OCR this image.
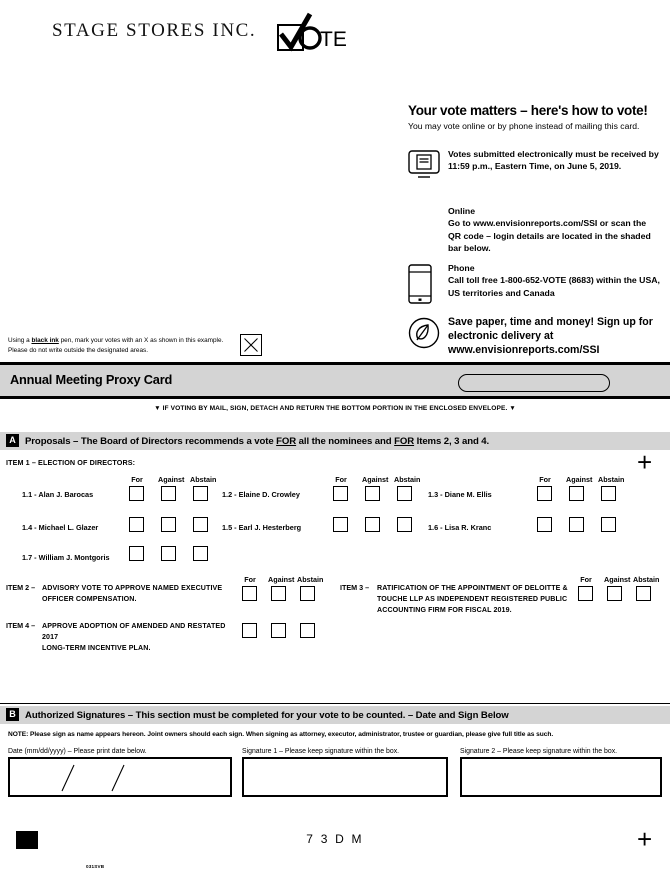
STAGE STORES INC.	TE
Your vote matters – here's how to vote!
You may vote online or by phone instead of mailing this card.
Votes submitted electronically must be received by 11:59 p.m., Eastern Time, on June 5, 2019.
Online
Go to www.envisionreports.com/SSI or scan the QR code – login details are located in the shaded bar below.
Phone
Call toll free 1-800-652-VOTE (8683) within the USA, US territories and Canada
Save paper, time and money! Sign up for electronic delivery at www.envisionreports.com/SSI
Using a black ink pen, mark your votes with an X as shown in this example.
Please do not write outside the designated areas.
Annual Meeting Proxy Card
▼ IF VOTING BY MAIL, SIGN, DETACH AND RETURN THE BOTTOM PORTION IN THE ENCLOSED ENVELOPE. ▼
A Proposals – The Board of Directors recommends a vote FOR all the nominees and FOR Items 2, 3 and 4.
ITEM 1 – ELECTION OF DIRECTORS:
For	Against Abstain	For	Against Abstain	For	Against Abstain
1.1 - Alan J. Barocas	1.2 - Elaine D. Crowley	1.3 - Diane M. Ellis
1.4 - Michael L. Glazer	1.5 - Earl J. Hesterberg	1.6 - Lisa R. Kranc
1.7 - William J. Montgoris
ITEM 2 – ADVISORY VOTE TO APPROVE NAMED EXECUTIVE
OFFICER COMPENSATION.
For	Against Abstain
ITEM 3 – RATIFICATION OF THE APPOINTMENT OF DELOITTE &
TOUCHE LLP AS INDEPENDENT REGISTERED PUBLIC
ACCOUNTING FIRM FOR FISCAL 2019.
For	Against Abstain
ITEM 4 – APPROVE ADOPTION OF AMENDED AND RESTATED 2017
LONG-TERM INCENTIVE PLAN.
B Authorized Signatures – This section must be completed for your vote to be counted. – Date and Sign Below
NOTE: Please sign as name appears hereon. Joint owners should each sign. When signing as attorney, executor, administrator, trustee or guardian, please give full title as such.
Date (mm/dd/yyyy) – Please print date below.	Signature 1 – Please keep signature within the box.	Signature 2 – Please keep signature within the box.
7 3 D M
031SVB
+
+
